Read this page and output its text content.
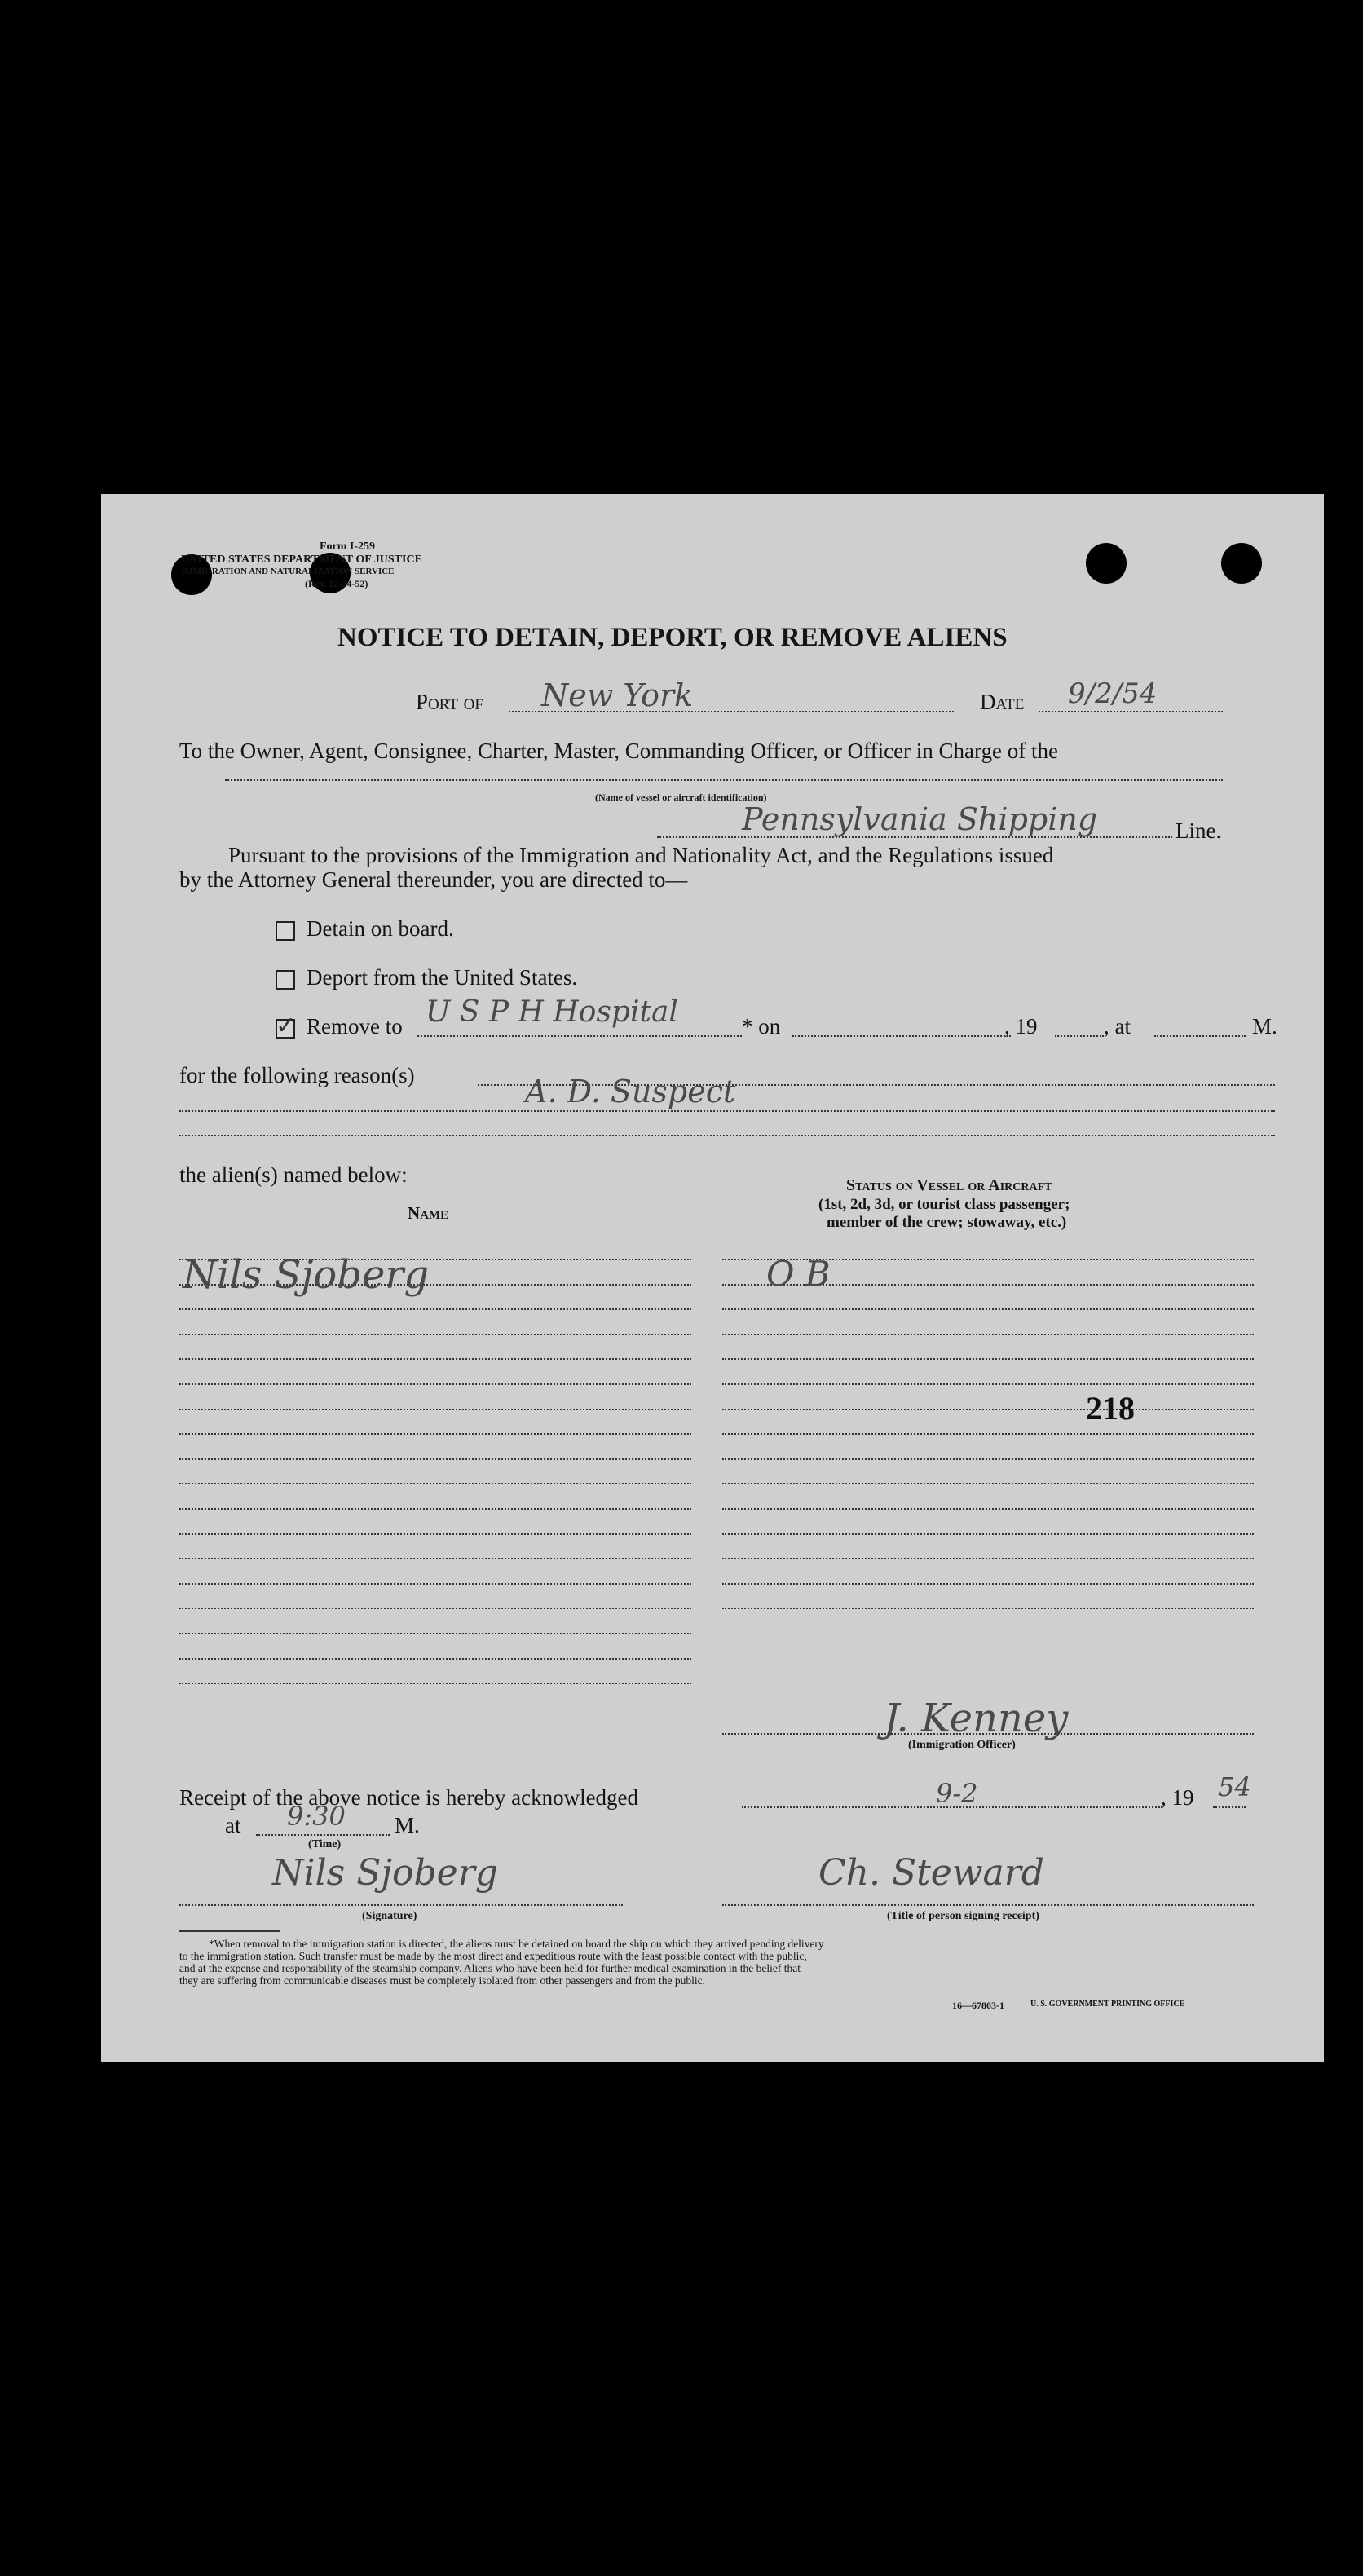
Form I-259
UNITED STATES DEPARTMENT OF JUSTICE
IMMIGRATION AND NATURALIZATION SERVICE
(Rev. 12-24-52)
NOTICE TO DETAIN, DEPORT, OR REMOVE ALIENS
Port of New York	Date 9/2/54
To the Owner, Agent, Consignee, Charter, Master, Commanding Officer, or Officer in Charge of the
(Name of vessel or aircraft identification)
Pennsylvania Shipping	Line.
Pursuant to the provisions of the Immigration and Nationality Act, and the Regulations issued
by the Attorney General thereunder, you are directed to—
Detain on board.
Deport from the United States.
✓ Remove to U S P H Hospital	* on	, 19	, at	M.
for the following reason(s)	A. D. Suspect
the alien(s) named below:
Name
Status on Vessel or Aircraft
(1st, 2d, 3d, or tourist class passenger;
member of the crew; stowaway, etc.)
Nils Sjoberg	O B
218
J. Kenney
(Immigration Officer)
Receipt of the above notice is hereby acknowledged	9-2	, 19 54
at 9:30 M.
(Time)
Nils Sjoberg
(Signature)
Ch. Steward
(Title of person signing receipt)
*When removal to the immigration station is directed, the aliens must be detained on board the ship on which they arrived pending delivery
to the immigration station. Such transfer must be made by the most direct and expeditious route with the least possible contact with the public,
and at the expense and responsibility of the steamship company. Aliens who have been held for further medical examination in the belief that
they are suffering from communicable diseases must be completely isolated from other passengers and from the public.
16—67803-1	U. S. GOVERNMENT PRINTING OFFICE
